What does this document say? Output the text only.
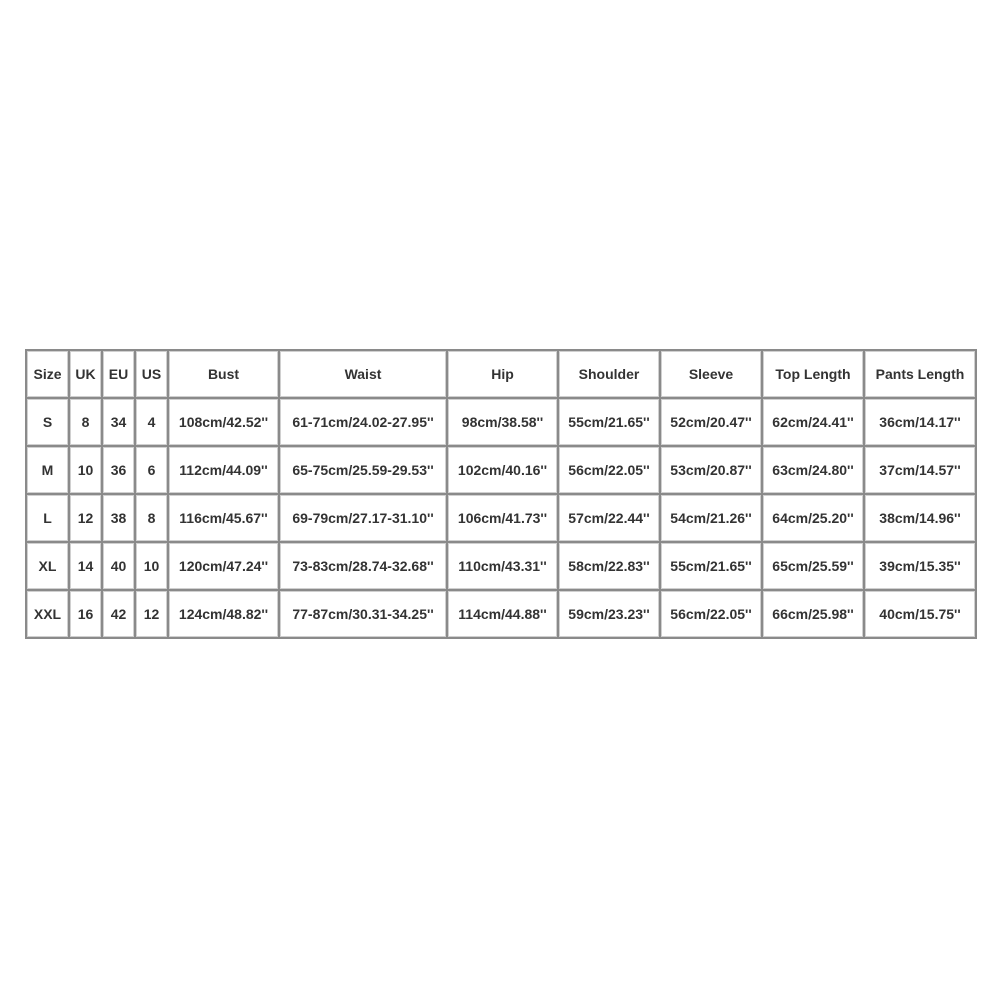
Size	UK	EU	US	Bust	Waist	Hip	Shoulder	Sleeve	Top Length	Pants Length
S	8	34	4	108cm/42.52''	61-71cm/24.02-27.95''	98cm/38.58''	55cm/21.65''	52cm/20.47''	62cm/24.41''	36cm/14.17''
M	10	36	6	112cm/44.09''	65-75cm/25.59-29.53''	102cm/40.16''	56cm/22.05''	53cm/20.87''	63cm/24.80''	37cm/14.57''
L	12	38	8	116cm/45.67''	69-79cm/27.17-31.10''	106cm/41.73''	57cm/22.44''	54cm/21.26''	64cm/25.20''	38cm/14.96''
XL	14	40	10	120cm/47.24''	73-83cm/28.74-32.68''	110cm/43.31''	58cm/22.83''	55cm/21.65''	65cm/25.59''	39cm/15.35''
XXL	16	42	12	124cm/48.82''	77-87cm/30.31-34.25''	114cm/44.88''	59cm/23.23''	56cm/22.05''	66cm/25.98''	40cm/15.75''
